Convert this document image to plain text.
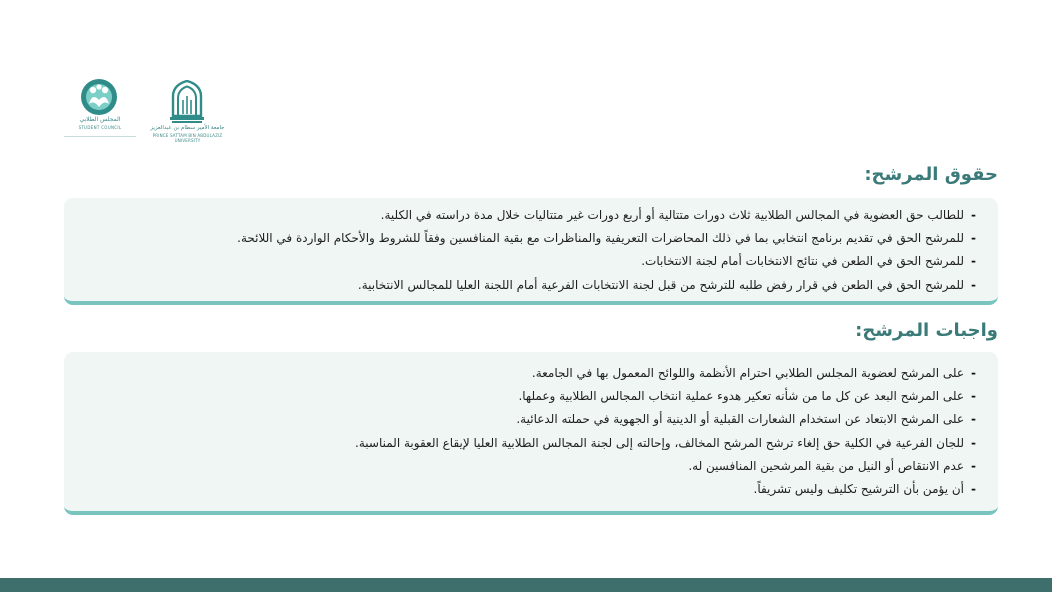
المجلس الطلابي
STUDENT COUNCIL	جامعة الأمير سطام بن عبدالعزيز
PRINCE SATTAM BIN ABDULAZIZ UNIVERSITY
حقوق المرشح:
-
للطالب حق العضوية في المجالس الطلابية ثلاث دورات متتالية أو أربع دورات غير متتاليات خلال مدة دراسته في الكلية.
-
للمرشح الحق في تقديم برنامج انتخابي بما في ذلك المحاضرات التعريفية والمناظرات مع بقية المنافسين وفقاً للشروط والأحكام الواردة في اللائحة.
-
للمرشح الحق في الطعن في نتائج الانتخابات أمام لجنة الانتخابات.
-
للمرشح الحق في الطعن في قرار رفض طلبه للترشح من قبل لجنة الانتخابات الفرعية أمام اللجنة العليا للمجالس الانتخابية.
واجبات المرشح:
-
على المرشح لعضوية المجلس الطلابي احترام الأنظمة واللوائح المعمول بها في الجامعة.
-
على المرشح البعد عن كل ما من شأنه تعكير هدوء عملية انتخاب المجالس الطلابية وعملها.
-
على المرشح الابتعاد عن استخدام الشعارات القبلية أو الدينية أو الجهوية في حملته الدعائية.
-
للجان الفرعية في الكلية حق إلغاء ترشح المرشح المخالف، وإحالته إلى لجنة المجالس الطلابية العليا لإيقاع العقوبة المناسبة.
-
عدم الانتقاص أو النيل من بقية المرشحين المنافسين له.
-
أن يؤمن بأن الترشيح تكليف وليس تشريفاً.
